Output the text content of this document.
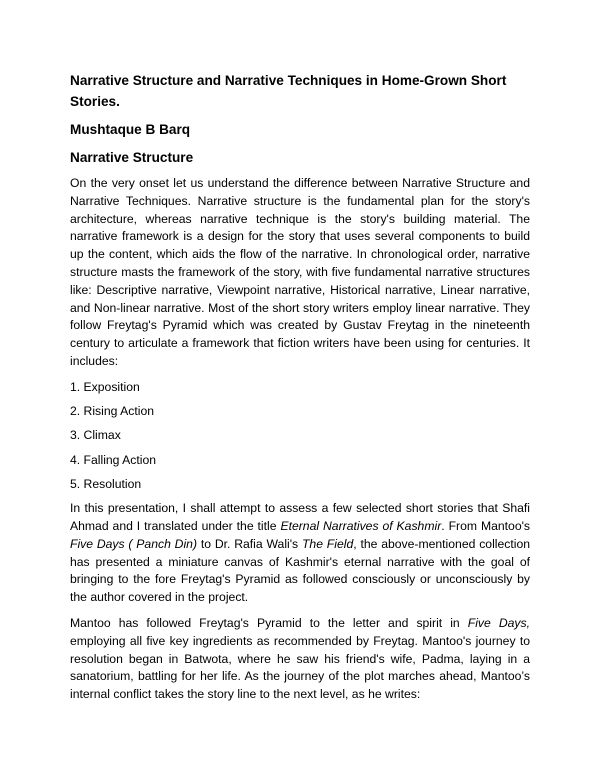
Narrative Structure and Narrative Techniques in Home-Grown Short Stories.
Mushtaque B Barq
Narrative Structure

On the very onset let us understand the difference between Narrative Structure and Narrative Techniques. Narrative structure is the fundamental plan for the story's architecture, whereas narrative technique is the story's building material. The narrative framework is a design for the story that uses several components to build up the content, which aids the flow of the narrative. In chronological order, narrative structure masts the framework of the story, with five fundamental narrative structures like: Descriptive narrative, Viewpoint narrative, Historical narrative, Linear narrative, and Non-linear narrative. Most of the short story writers employ linear narrative. They follow Freytag's Pyramid which was created by Gustav Freytag in the nineteenth century to articulate a framework that fiction writers have been using for centuries. It includes:

1. Exposition
2. Rising Action
3. Climax
4. Falling Action
5. Resolution

In this presentation, I shall attempt to assess a few selected short stories that Shafi Ahmad and I translated under the title Eternal Narratives of Kashmir. From Mantoo's Five Days ( Panch Din) to Dr. Rafia Wali's The Field, the above-mentioned collection has presented a miniature canvas of Kashmir's eternal narrative with the goal of bringing to the fore Freytag's Pyramid as followed consciously or unconsciously by the author covered in the project.

Mantoo has followed Freytag's Pyramid to the letter and spirit in Five Days, employing all five key ingredients as recommended by Freytag. Mantoo's journey to resolution began in Batwota, where he saw his friend's wife, Padma, laying in a sanatorium, battling for her life. As the journey of the plot marches ahead, Mantoo’s internal conflict takes the story line to the next level, as he writes:
